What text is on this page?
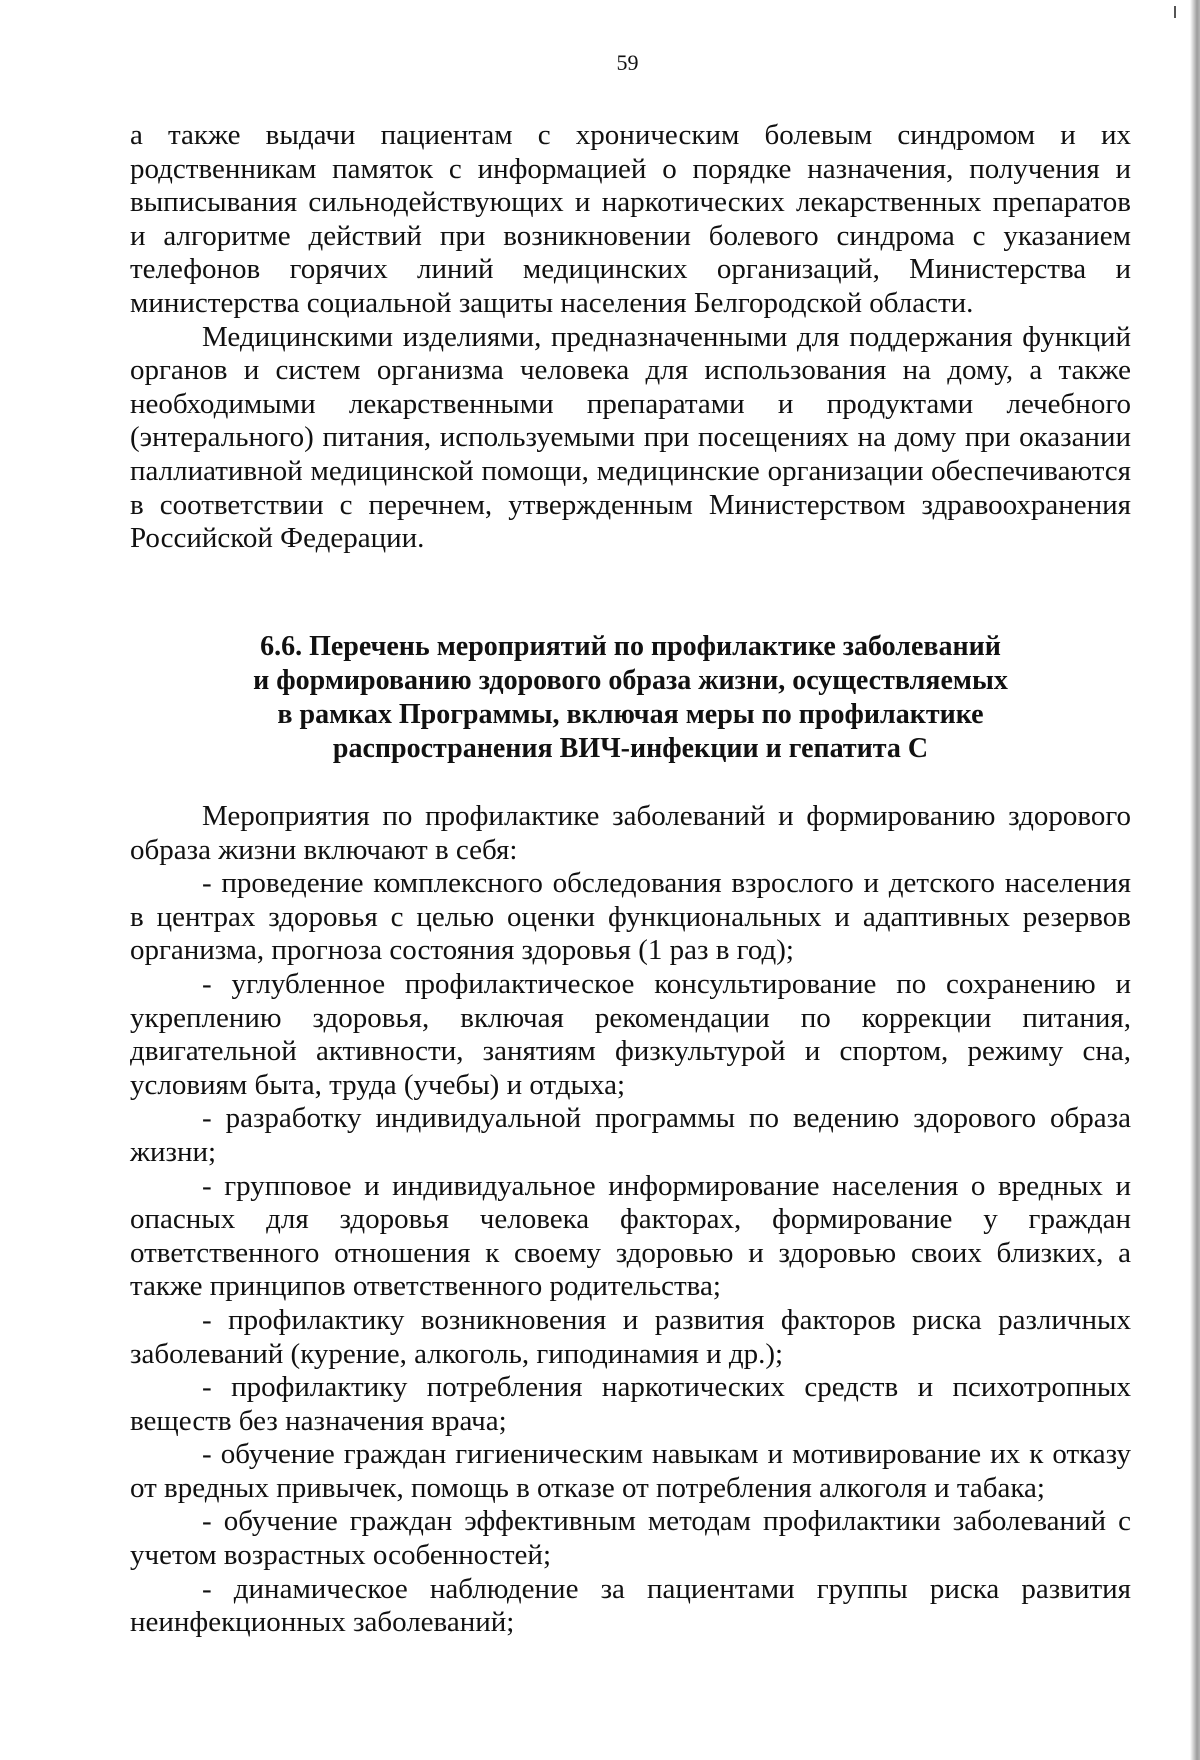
59

а также выдачи пациентам с хроническим болевым синдромом и их родственникам памяток с информацией о порядке назначения, получения и выписывания сильнодействующих и наркотических лекарственных препаратов и алгоритме действий при возникновении болевого синдрома с указанием телефонов горячих линий медицинских организаций, Министерства и министерства социальной защиты населения Белгородской области.

Медицинскими изделиями, предназначенными для поддержания функций органов и систем организма человека для использования на дому, а также необходимыми лекарственными препаратами и продуктами лечебного (энтерального) питания, используемыми при посещениях на дому при оказании паллиативной медицинской помощи, медицинские организации обеспечиваются в соответствии с перечнем, утвержденным Министерством здравоохранения Российской Федерации.

6.6. Перечень мероприятий по профилактике заболеваний
и формированию здорового образа жизни, осуществляемых
в рамках Программы, включая меры по профилактике
распространения ВИЧ-инфекции и гепатита С

Мероприятия по профилактике заболеваний и формированию здорового образа жизни включают в себя:

- проведение комплексного обследования взрослого и детского населения в центрах здоровья с целью оценки функциональных и адаптивных резервов организма, прогноза состояния здоровья (1 раз в год);

- углубленное профилактическое консультирование по сохранению и укреплению здоровья, включая рекомендации по коррекции питания, двигательной активности, занятиям физкультурой и спортом, режиму сна, условиям быта, труда (учебы) и отдыха;

- разработку индивидуальной программы по ведению здорового образа жизни;

- групповое и индивидуальное информирование населения о вредных и опасных для здоровья человека факторах, формирование у граждан ответственного отношения к своему здоровью и здоровью своих близких, а также принципов ответственного родительства;

- профилактику возникновения и развития факторов риска различных заболеваний (курение, алкоголь, гиподинамия и др.);

- профилактику потребления наркотических средств и психотропных веществ без назначения врача;

- обучение граждан гигиеническим навыкам и мотивирование их к отказу от вредных привычек, помощь в отказе от потребления алкоголя и табака;

- обучение граждан эффективным методам профилактики заболеваний с учетом возрастных особенностей;

- динамическое наблюдение за пациентами группы риска развития неинфекционных заболеваний;
